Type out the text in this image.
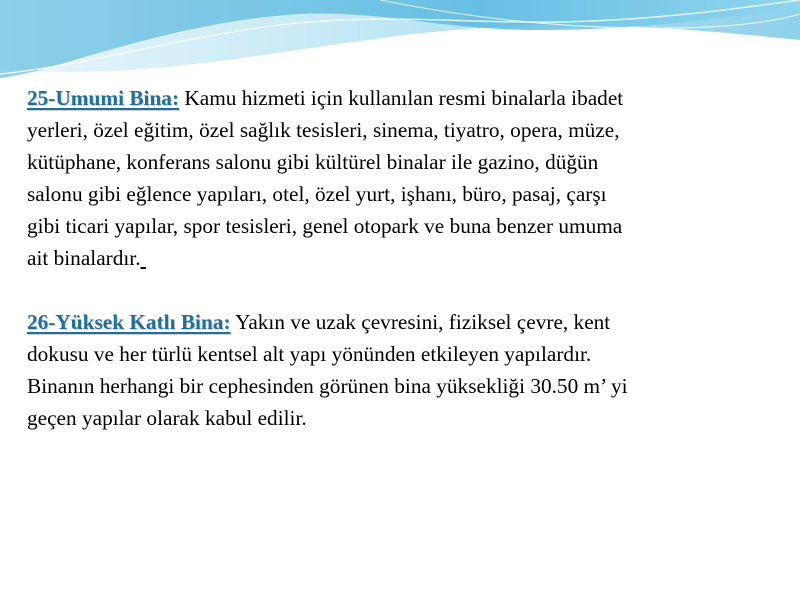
25-Umumi Bina: Kamu hizmeti için kullanılan resmi binalarla ibadet
yerleri, özel eğitim, özel sağlık tesisleri, sinema, tiyatro, opera, müze,
kütüphane, konferans salonu gibi kültürel binalar ile gazino, düğün
salonu gibi eğlence yapıları, otel, özel yurt, işhanı, büro, pasaj, çarşı
gibi ticari yapılar, spor tesisleri, genel otopark ve buna benzer umuma
ait binalardır.

26-Yüksek Katlı Bina: Yakın ve uzak çevresini, fiziksel çevre, kent
dokusu ve her türlü kentsel alt yapı yönünden etkileyen yapılardır.
Binanın herhangi bir cephesinden görünen bina yüksekliği 30.50 m’ yi
geçen yapılar olarak kabul edilir.
